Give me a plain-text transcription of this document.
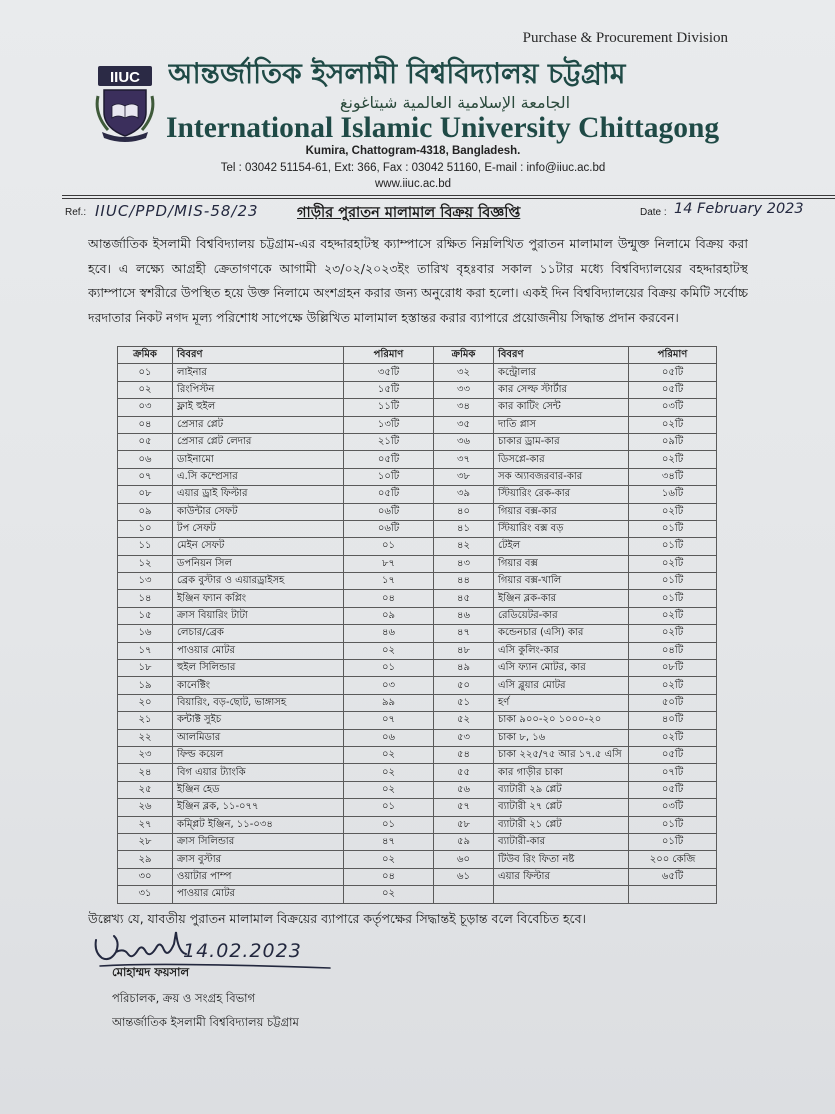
Purchase & Procurement Division
IIUC আন্তর্জাতিক ইসলামী বিশ্ববিদ্যালয় চট্টগ্রাম
الجامعة الإسلامية العالمية شيتاغونغ
International Islamic University Chittagong
Kumira, Chattogram-4318, Bangladesh.
Tel : 03042 51154-61, Ext: 366, Fax : 03042 51160, E-mail : info@iiuc.ac.bd
www.iiuc.ac.bd
Ref.: IIUC/PPD/MIS-58/23	গাড়ীর পুরাতন মালামাল বিক্রয় বিজ্ঞপ্তি	Date : 14 February 2023
আন্তর্জাতিক ইসলামী বিশ্ববিদ্যালয় চট্টগ্রাম-এর বহদ্দারহাটস্থ ক্যাম্পাসে রক্ষিত নিম্নলিখিত পুরাতন মালামাল উন্মুক্ত নিলামে বিক্রয় করা হবে। এ লক্ষ্যে আগ্রহী ক্রেতাগণকে আগামী ২৩/০২/২০২৩ইং তারিখ বৃহঃবার সকাল ১১টার মধ্যে বিশ্ববিদ্যালয়ের বহদ্দারহাটস্থ ক্যাম্পাসে স্বশরীরে উপস্থিত হয়ে উক্ত নিলামে অংশগ্রহন করার জন্য অনুরোধ করা হলো। একই দিন বিশ্ববিদ্যালয়ের বিক্রয় কমিটি সর্বোচ্চ দরদাতার নিকট নগদ মূল্য পরিশোধ সাপেক্ষে উল্লিখিত মালামাল হস্তান্তর করার ব্যাপারে প্রয়োজনীয় সিদ্ধান্ত প্রদান করবেন।
ক্রমিক	বিবরণ	পরিমাণ	ক্রমিক	বিবরণ	পরিমাণ
০১	লাইনার	৩৫টি	৩২	কন্ট্রোলার	০৫টি
০২	রিংপিস্টন	১৫টি	৩৩	কার সেল্ফ স্টার্টার	০৫টি
০৩	ফ্লাই হুইল	১১টি	৩৪	কার কাটিং সেন্ট	০৩টি
০৪	প্রেসার প্লেট	১৩টি	৩৫	দাতি প্লাস	০২টি
০৫	প্রেসার প্লেট লেদার	২১টি	৩৬	চাকার ড্রাম-কার	০৯টি
০৬	ডাইনামো	০৫টি	৩৭	ডিসপ্লে-কার	০২টি
০৭	এ.সি কম্প্রেসার	১০টি	৩৮	সক অ্যাবজরবার-কার	৩৪টি
০৮	এয়ার ড্রাই ফিল্টার	০৫টি	৩৯	স্টিয়ারিং রেক-কার	১৬টি
০৯	কাউন্টার সেফট	০৬টি	৪০	গিয়ার বক্স-কার	০২টি
১০	টপ সেফট	০৬টি	৪১	স্টিয়ারিং বক্স বড়	০১টি
১১	মেইন সেফট	০১	৪২	টেইল	০১টি
১২	ডপনিয়ন সিল	৮৭	৪৩	গিয়ার বক্স	০২টি
১৩	ব্রেক বুস্টার ও এয়ারড্রাইসহ	১৭	৪৪	গিয়ার বক্স-খালি	০১টি
১৪	ইঞ্জিন ফ্যান কপ্লিং	০৪	৪৫	ইঞ্জিন ব্লক-কার	০১টি
১৫	ক্রাস বিয়ারিং টাটা	০৯	৪৬	রেডিয়েটর-কার	০২টি
১৬	লেচার/ব্রেক	৪৬	৪৭	কন্ডেনচার (এসি) কার	০২টি
১৭	পাওয়ার মোটর	০২	৪৮	এসি কুলিং-কার	০৪টি
১৮	হুইল সিলিন্ডার	০১	৪৯	এসি ফ্যান মোটর, কার	০৮টি
১৯	কানেক্টিং	০৩	৫০	এসি ব্লুয়ার মোটর	০২টি
২০	বিয়ারিং, বড়-ছোট, ভাঙ্গাসহ	৯৯	৫১	হর্ণ	৫০টি
২১	কন্টাক্ট সুইচ	০৭	৫২	চাকা ৯০০-২০ ১০০০-২০	৪০টি
২২	আলমিডার	০৬	৫৩	চাকা ৮, ১৬	০২টি
২৩	ফিল্ড কয়েল	০২	৫৪	চাকা ২২৫/৭৫ আর ১৭.৫ এসি	০৫টি
২৪	বিগ এয়ার ট্যাংকি	০২	৫৫	কার গাড়ীর চাকা	০৭টি
২৫	ইঞ্জিন হেড	০২	৫৬	ব্যাটারী ২৯ প্লেট	০৫টি
২৬	ইঞ্জিন ব্লক, ১১-০৭৭	০১	৫৭	ব্যাটারী ২৭ প্লেট	০৩টি
২৭	কম্প্লিট ইঞ্জিন, ১১-০৩৪	০১	৫৮	ব্যাটারী ২১ প্লেট	০১টি
২৮	ক্রাস সিলিন্ডার	৪৭	৫৯	ব্যাটারী-কার	০১টি
২৯	ক্রাস বুস্টার	০২	৬০	টিউব রিং ফিতা নষ্ট	২০০ কেজি
৩০	ওয়াটার পাম্প	০৪	৬১	এয়ার ফিল্টার	৬৫টি
৩১	পাওয়ার মোটর	০২			
উল্লেখ্য যে, যাবতীয় পুরাতন মালামাল বিক্রয়ের ব্যাপারে কর্তৃপক্ষের সিদ্ধান্তই চূড়ান্ত বলে বিবেচিত হবে।
14.02.2023
মোহাম্মদ ফয়সাল
পরিচালক, ক্রয় ও সংগ্রহ বিভাগ
আন্তর্জাতিক ইসলামী বিশ্ববিদ্যালয় চট্টগ্রাম
